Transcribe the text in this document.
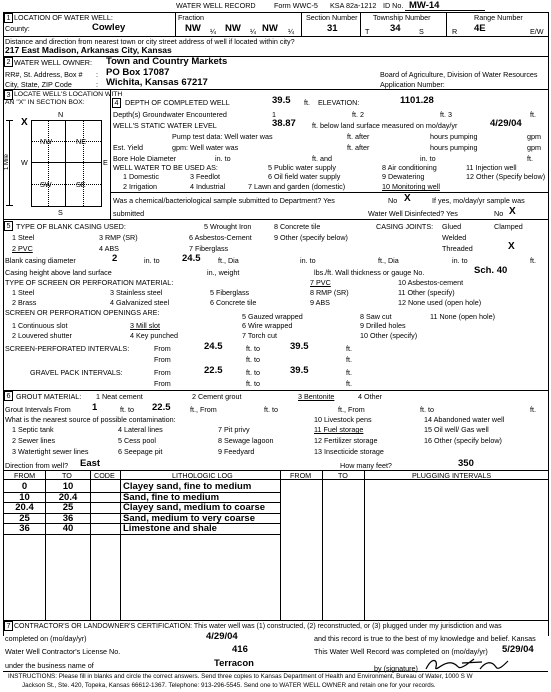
WATER WELL RECORD	Form WWC-5 KSA 82a-1212 ID No. MW-14
1 LOCATION OF WATER WELL:
County:	Cowley
Fraction
NW ¼ NW ¼ NW ¼
Section Number
31
Township Number
T 34	S
Range Number
R 4E	E/W
Distance and direction from nearest town or city street address of well if located within city?
217 East Madison, Arkansas City, Kansas
2 WATER WELL OWNER: Town and Country Markets
RR#, St. Address, Box # : PO Box 17087
City, State, ZIP Code	: Wichita, Kansas 67217
Board of Agriculture, Division of Water Resources
Application Number:
3 LOCATE WELL'S LOCATION WITH
AN "X" IN SECTION BOX:
N
S
W	E
X
1 Mile
NW	NE
SW	SE
4 DEPTH OF COMPLETED WELL	39.5 ft. ELEVATION:	1101.28
Depth(s) Groundwater Encountered	1	ft. 2	ft. 3	ft.
WELL'S STATIC WATER LEVEL	38.87 ft. below land surface measured on mo/day/yr	4/29/04
Pump test data: Well water was	ft. after	hours pumping	gpm
Est. Yield	gpm: Well water was	ft. after	hours pumping	gpm
Bore Hole Diameter	in. to	ft. and	in. to	ft.
WELL WATER TO BE USED AS:	5 Public water supply	8 Air conditioning	11 Injection well
1 Domestic	3 Feedlot	6 Oil field water supply	9 Dewatering	12 Other (Specify below)
2 Irrigation	4 Industrial	7 Lawn and garden (domestic)	10 Monitoring well
Was a chemical/bacteriological sample submitted to Department? Yes	No X	If yes, mo/day/yr sample was
submitted	Water Well Disinfected? Yes	No X
5 TYPE OF BLANK CASING USED:	5 Wrought Iron	8 Concrete tile	CASING JOINTS: Glued	Clamped
1 Steel	3 RMP (SR)	6 Asbestos-Cement	9 Other (specify below)	Welded
2 PVC	4 ABS	7 Fiberglass	Threaded	X
Blank casing diameter	2	in. to 24.5 ft., Dia	in. to	ft., Dia	in. to	ft.
Casing height above land surface	in., weight	lbs./ft. Wall thickness or gauge No.	Sch. 40
TYPE OF SCREEN OR PERFORATION MATERIAL:	7 PVC	10 Asbestos-cement
1 Steel	3 Stainless steel	5 Fiberglass	8 RMP (SR)	11 Other (specify)
2 Brass	4 Galvanized steel	6 Concrete tile	9 ABS	12 None used (open hole)
SCREEN OR PERFORATION OPENINGS ARE:	5 Gauzed wrapped	8 Saw cut	11 None (open hole)
1 Continuous slot	3 Mill slot	6 Wire wrapped	9 Drilled holes
2 Louvered shutter	4 Key punched	7 Torch cut	10 Other (specify)
SCREEN-PERFORATED INTERVALS:	From	24.5	ft. to	39.5	ft.
From	ft. to	ft.
GRAVEL PACK INTERVALS:	From	22.5	ft. to	39.5	ft.
From	ft. to	ft.
6 GROUT MATERIAL: 1 Neat cement	2 Cement grout	3 Bentonite	4 Other
Grout Intervals From 1	ft. to 22.5	ft., From	ft. to	ft., From	ft. to	ft.
What is the nearest source of possible contamination:	10 Livestock pens	14 Abandoned water well
1 Septic tank	4 Lateral lines	7 Pit privy	11 Fuel storage	15 Oil well/ Gas well
2 Sewer lines	5 Cess pool	8 Sewage lagoon	12 Fertilizer storage	16 Other (specify below)
3 Watertight sewer lines	6 Seepage pit	9 Feedyard	13 Insecticide storage
Direction from well? East	How many feet?	350
FROM	TO	CODE	LITHOLOGIC LOG	FROM	TO	PLUGGING INTERVALS
0	10	Clayey sand, fine to medium
10	20.4	Sand, fine to medium
20.4	25	Clayey sand, medium to coarse
25	36	Sand, medium to very coarse
36	40	Limestone and shale
7 CONTRACTOR'S OR LANDOWNER'S CERTIFICATION: This water well was (1) constructed, (2) reconstructed, or (3) plugged under my jurisdiction and was
completed on (mo/day/yr)	4/29/04	and this record is true to the best of my knowledge and belief. Kansas
Water Well Contractor's License No.	416	This Water Well Record was completed on (mo/day/yr) 5/29/04
under the business name of	Terracon	by (signature)
INSTRUCTIONS: Please fill in blanks and circle the correct answers. Send three copies to Kansas Department of Health and Environment, Bureau of Water, 1000 S W
Jackson St., Ste. 420, Topeka, Kansas 66612-1367. Telephone: 913-296-5545. Send one to WATER WELL OWNER and retain one for your records.
